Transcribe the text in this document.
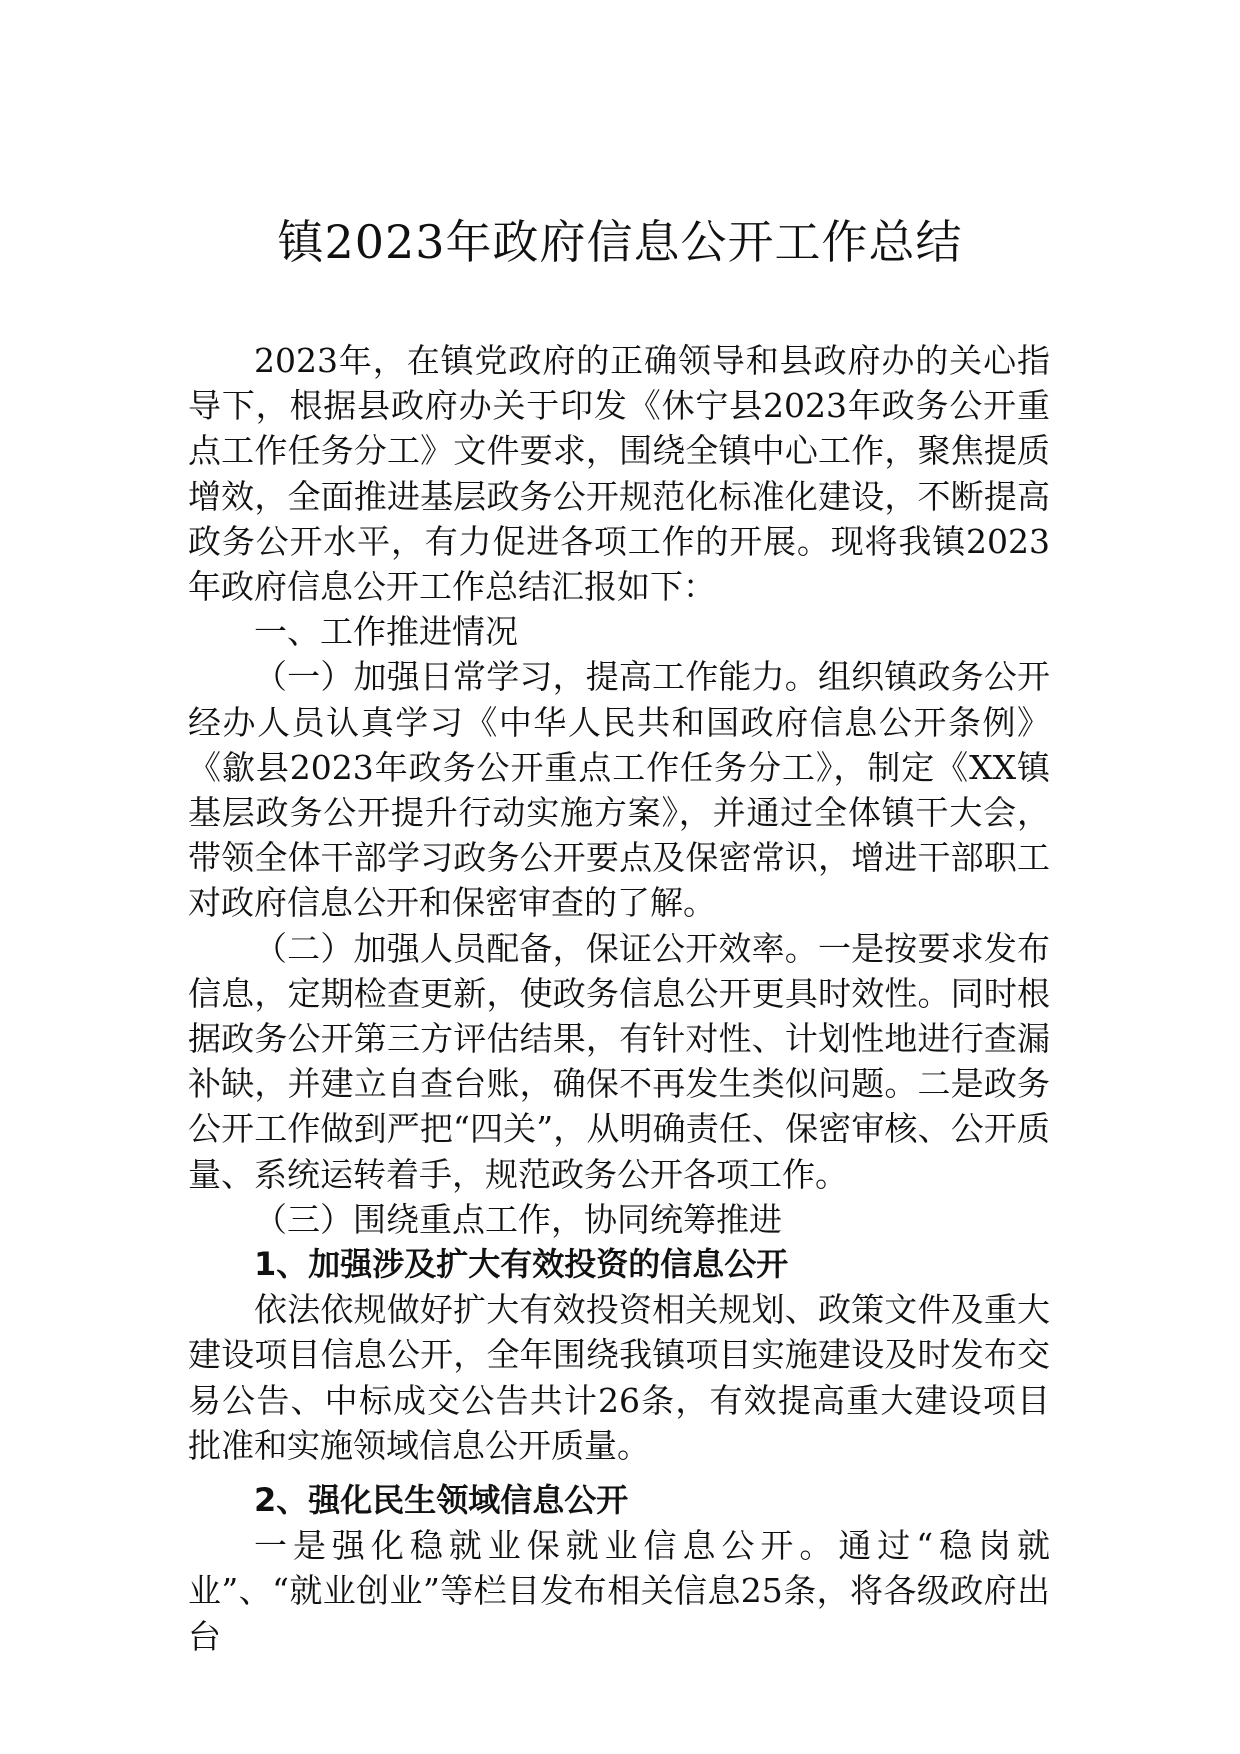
镇2023年政府信息公开工作总结

2023年，在镇党政府的正确领导和县政府办的关心指导下，根据县政府办关于印发《休宁县2023年政务公开重点工作任务分工》文件要求，围绕全镇中心工作，聚焦提质增效，全面推进基层政务公开规范化标准化建设，不断提高政务公开水平，有力促进各项工作的开展。现将我镇2023年政府信息公开工作总结汇报如下：

一、工作推进情况

（一）加强日常学习，提高工作能力。组织镇政务公开经办人员认真学习《中华人民共和国政府信息公开条例》《歙县2023年政务公开重点工作任务分工》，制定《XX镇基层政务公开提升行动实施方案》，并通过全体镇干大会，带领全体干部学习政务公开要点及保密常识，增进干部职工对政府信息公开和保密审查的了解。

（二）加强人员配备，保证公开效率。一是按要求发布信息，定期检查更新，使政务信息公开更具时效性。同时根据政务公开第三方评估结果，有针对性、计划性地进行查漏补缺，并建立自查台账，确保不再发生类似问题。二是政务公开工作做到严把“四关”，从明确责任、保密审核、公开质量、系统运转着手，规范政务公开各项工作。

（三）围绕重点工作，协同统筹推进

1、加强涉及扩大有效投资的信息公开

依法依规做好扩大有效投资相关规划、政策文件及重大建设项目信息公开，全年围绕我镇项目实施建设及时发布交易公告、中标成交公告共计26条，有效提高重大建设项目批准和实施领域信息公开质量。

2、强化民生领域信息公开

一是强化稳就业保就业信息公开。通过“稳岗就业”、“就业创业”等栏目发布相关信息25条，将各级政府出台
